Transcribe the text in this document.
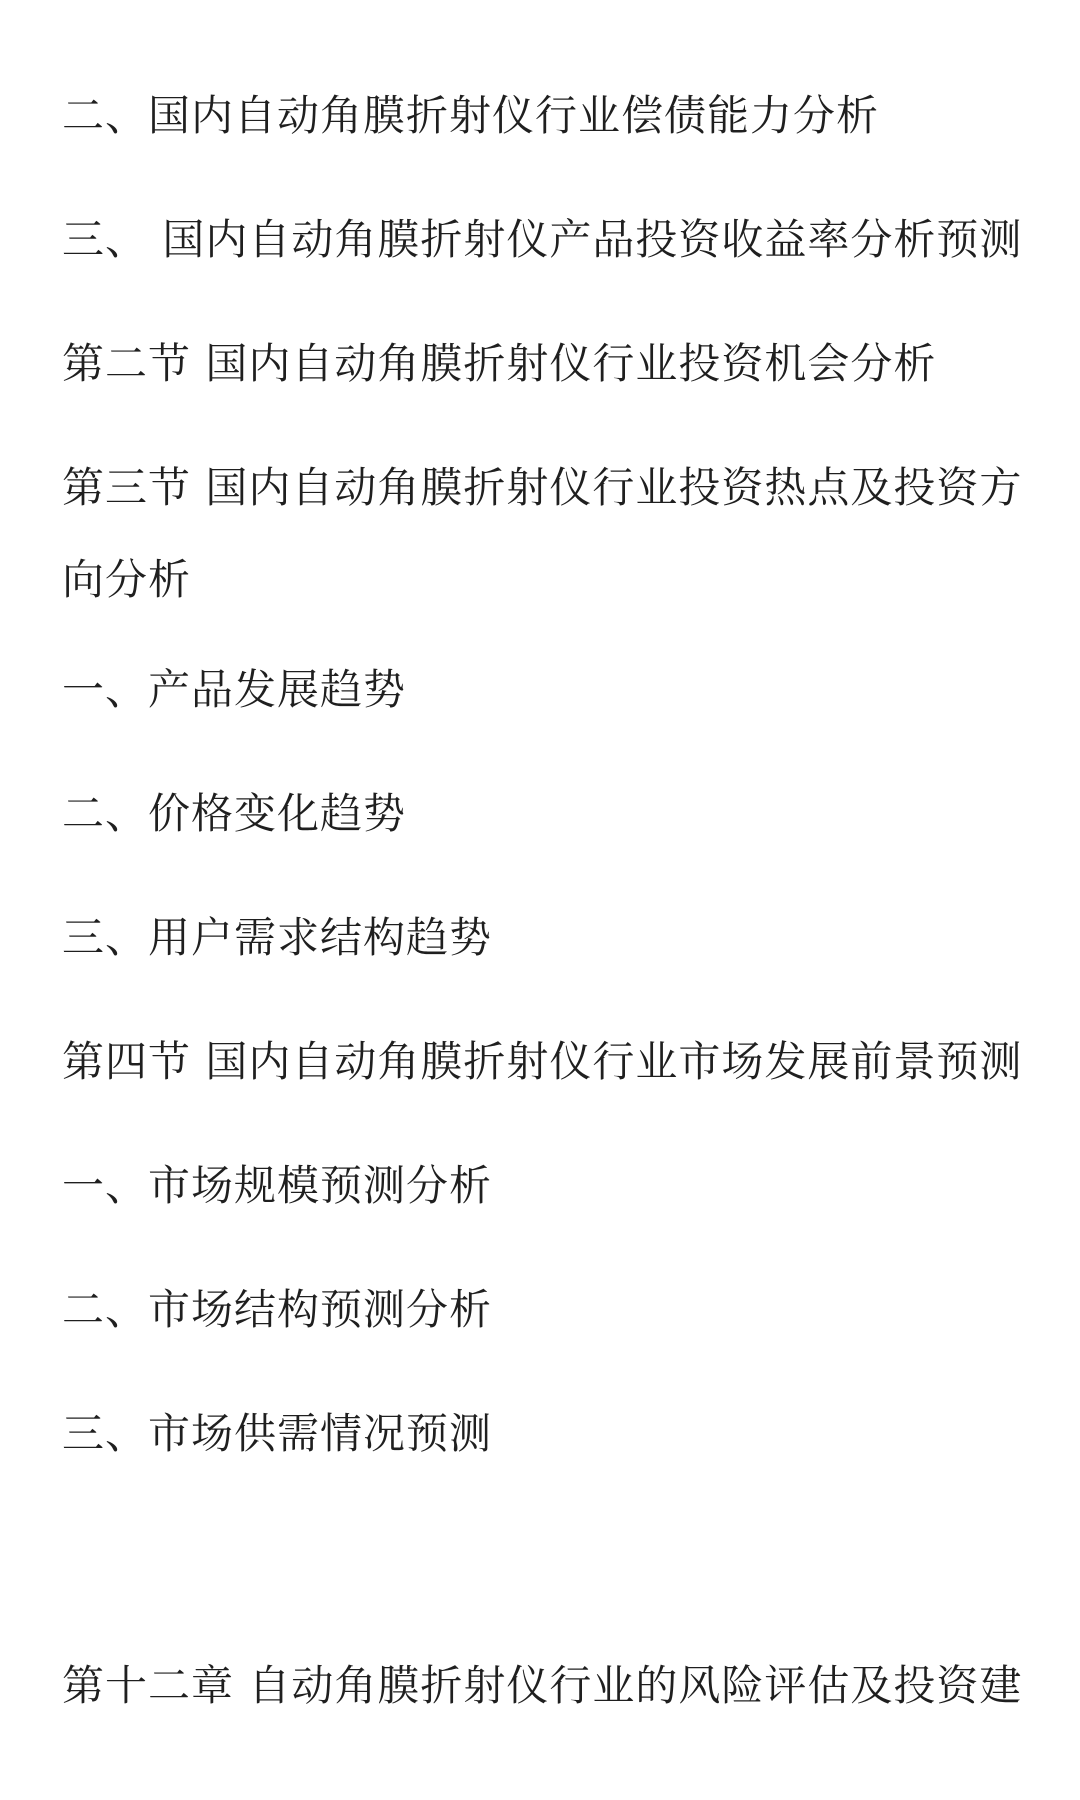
二、国内自动角膜折射仪行业偿债能力分析
三、 国内自动角膜折射仪产品投资收益率分析预测
第二节 国内自动角膜折射仪行业投资机会分析
第三节 国内自动角膜折射仪行业投资热点及投资方向分析
一、产品发展趋势
二、价格变化趋势
三、用户需求结构趋势
第四节 国内自动角膜折射仪行业市场发展前景预测
一、市场规模预测分析
二、市场结构预测分析
三、市场供需情况预测
第十二章 自动角膜折射仪行业的风险评估及投资建
